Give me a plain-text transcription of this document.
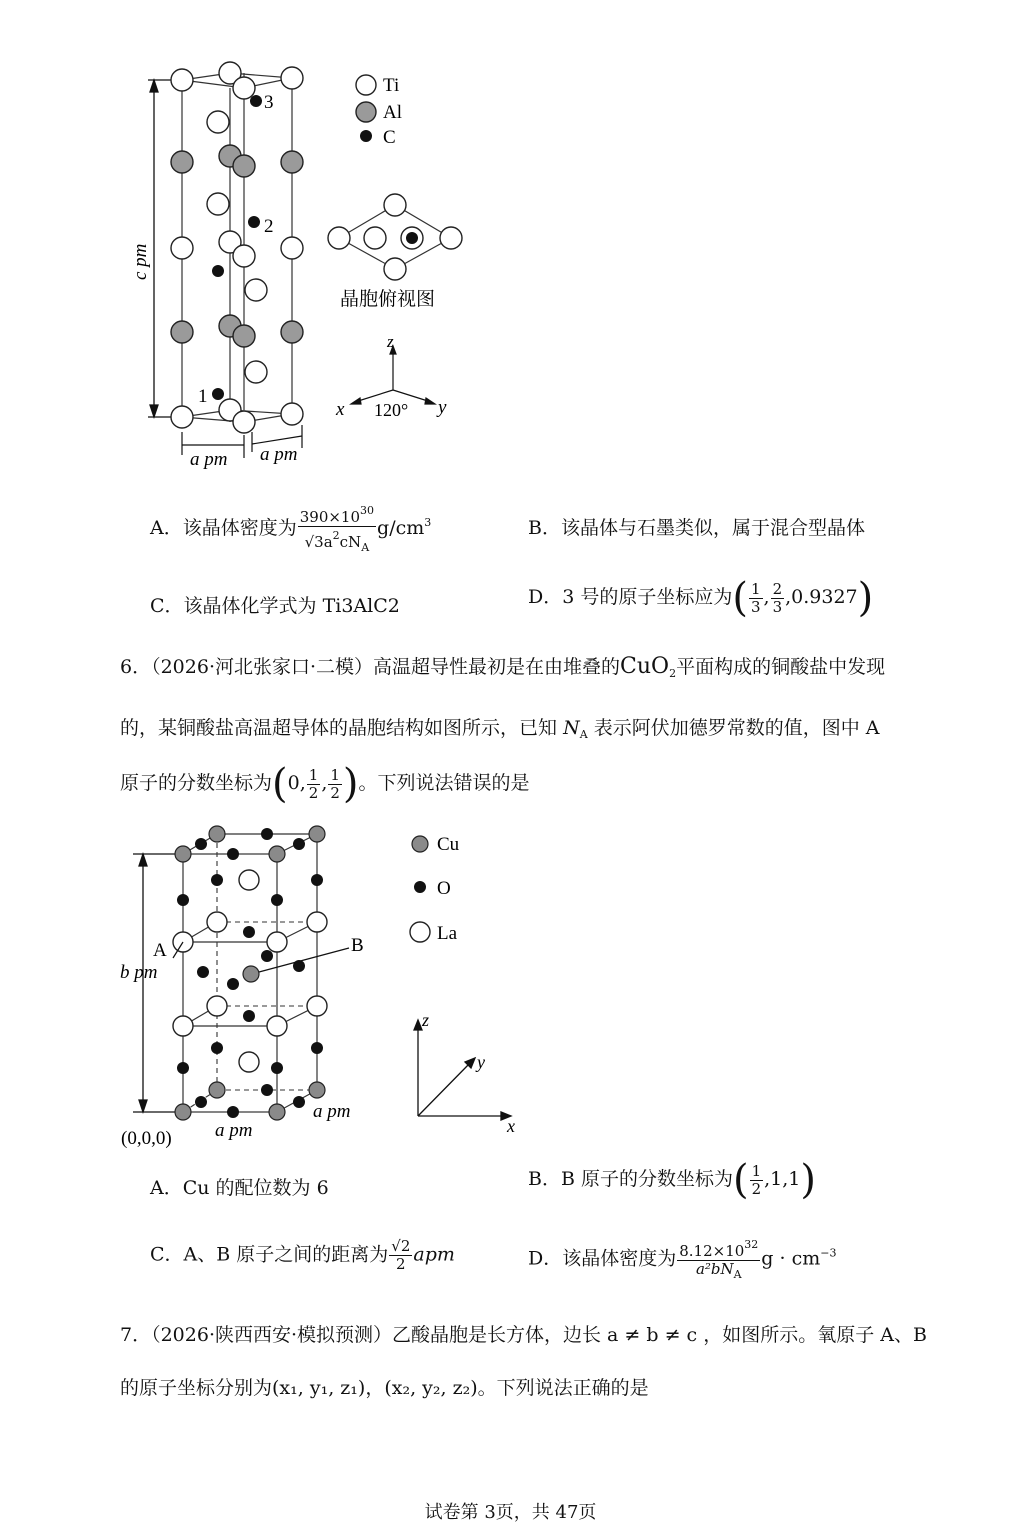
c pm
3
2
1
a pm a pm
Ti
Al
C
晶胞俯视图
z
x	y
120°
A．该晶体密度为 $\frac{390\times 10^{30}}{√3a^2cN_A} g/cm^3$	B．该晶体与石墨类似，属于混合型晶体
C．该晶体化学式为 Ti3AlC2	D．3 号的原子坐标应为( $\frac{1}{3}$ , $\frac{2}{3} ,0.9327$)
6．（2026·河北张家口·二模）高温超导性最初是在由堆叠的CuO$_2$平面构成的铜酸盐中发现
的，某铜酸盐高温超导体的晶胞结构如图所示，已知 $N_A$ 表示阿伏加德罗常数的值，图中 A
原子的分数坐标为(0, $\frac{1}{2}$ , $\frac{1}{2}$ )。下列说法错误的是
b pm
A	B
a pm
a pm
(0,0,0)
Cu
O
La
z
y
x
A．Cu 的配位数为 6	B．B 原子的分数坐标为( $\frac{1}{2} ,1,1$)
C．A、B 原子之间的距离为 $\frac{√2}{2}$ apm	D．该晶体密度为 $\frac{8.12\times 10^{32}}{a^2bN_A}$ $g \cdot cm^{-3}$
7．（2026·陕西西安·模拟预测）乙酸晶胞是长方体，边长 a ≠ b ≠ c ，如图所示。氧原子 A、B
的原子坐标分别为(x₁, y₁, z₁)，(x₂, y₂, z₂)。下列说法正确的是
试卷第 3页，共 47页
